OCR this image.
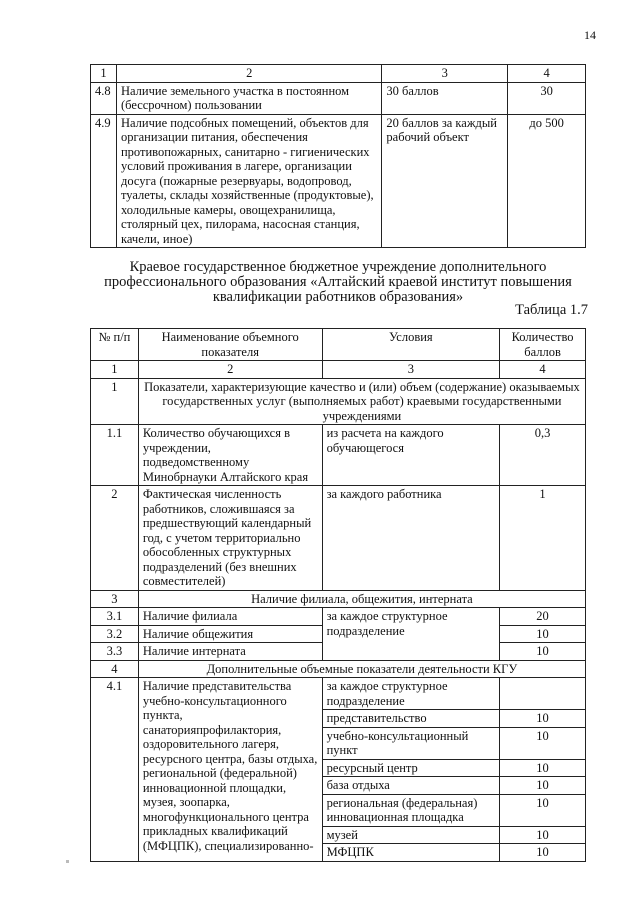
14
1	2	3	4
4.8	Наличие земельного участка в постоянном (бессрочном) пользовании	30 баллов	30
4.9	Наличие подсобных помещений, объектов для организации питания, обеспечения противопожарных, санитарно - гигиенических условий проживания в лагере, организации досуга (пожарные резервуары, водопровод, туалеты, склады хозяйственные (продуктовые), холодильные камеры, овощехранилища, столярный цех, пилорама, насосная станция, качели, иное)	20 баллов за каждый рабочий объект	до 500
Краевое государственное бюджетное учреждение дополнительного профессионального образования «Алтайский краевой институт повышения квалификации работников образования»
Таблица 1.7
№ п/п	Наименование объемного показателя	Условия	Количество баллов
1	2	3	4
1	Показатели, характеризующие качество и (или) объем (содержание) оказываемых государственных услуг (выполняемых работ) краевыми государственными учреждениями		
1.1	Количество обучающихся в учреждении, подведомственному Минобрнауки Алтайского края	из расчета на каждого обучающегося	0,3
2	Фактическая численность работников, сложившаяся за предшествующий календарный год, с учетом территориально обособленных структурных подразделений (без внешних совместителей)	за каждого работника	1
3	Наличие филиала, общежития, интерната		
3.1	Наличие филиала	за каждое структурное подразделение	20
3.2	Наличие общежития		10
3.3	Наличие интерната		10
4	Дополнительные объемные показатели деятельности КГУ		
4.1	Наличие представительства учебно-консультационного пункта, санаторияпрофилактория, оздоровительного лагеря, ресурсного центра, базы отдыха, региональной (федеральной) инновационной площадки, музея, зоопарка, многофункционального центра прикладных квалификаций (МФЦПК), специализированно-	за каждое структурное подразделение	
		представительство	10
		учебно-консультационный пункт	10
		ресурсный центр	10
		база отдыха	10
		региональная (федеральная) инновационная площадка	10
		музей	10
		МФЦПК	10
